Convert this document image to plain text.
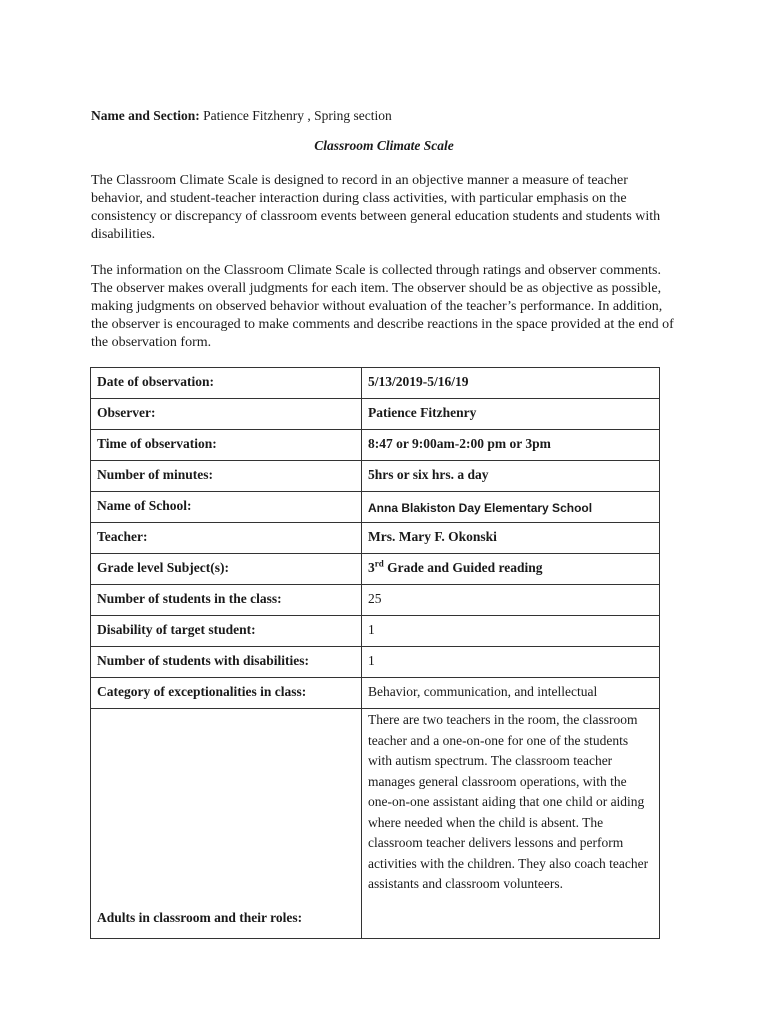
Name and Section: Patience Fitzhenry , Spring section
Classroom Climate Scale

The Classroom Climate Scale is designed to record in an objective manner a measure of teacher behavior, and student-teacher interaction during class activities, with particular emphasis on the consistency or discrepancy of classroom events between general education students and students with disabilities.

The information on the Classroom Climate Scale is collected through ratings and observer comments. The observer makes overall judgments for each item. The observer should be as objective as possible, making judgments on observed behavior without evaluation of the teacher’s performance. In addition, the observer is encouraged to make comments and describe reactions in the space provided at the end of the observation form.

Date of observation:	5/13/2019-5/16/19
Observer:	Patience Fitzhenry
Time of observation:	8:47 or 9:00am-2:00 pm or 3pm
Number of minutes:	5hrs or six hrs. a day
Name of School:	Anna Blakiston Day Elementary School
Teacher:	Mrs. Mary F. Okonski
Grade level Subject(s):	3rd Grade and Guided reading
Number of students in the class:	25
Disability of target student:	1
Number of students with disabilities:	1
Category of exceptionalities in class:	Behavior, communication, and intellectual
Adults in classroom and their roles:	There are two teachers in the room, the classroom teacher and a one-on-one for one of the students with autism spectrum. The classroom teacher manages general classroom operations, with the one-on-one assistant aiding that one child or aiding where needed when the child is absent. The classroom teacher delivers lessons and perform activities with the children. They also coach teacher assistants and classroom volunteers.
